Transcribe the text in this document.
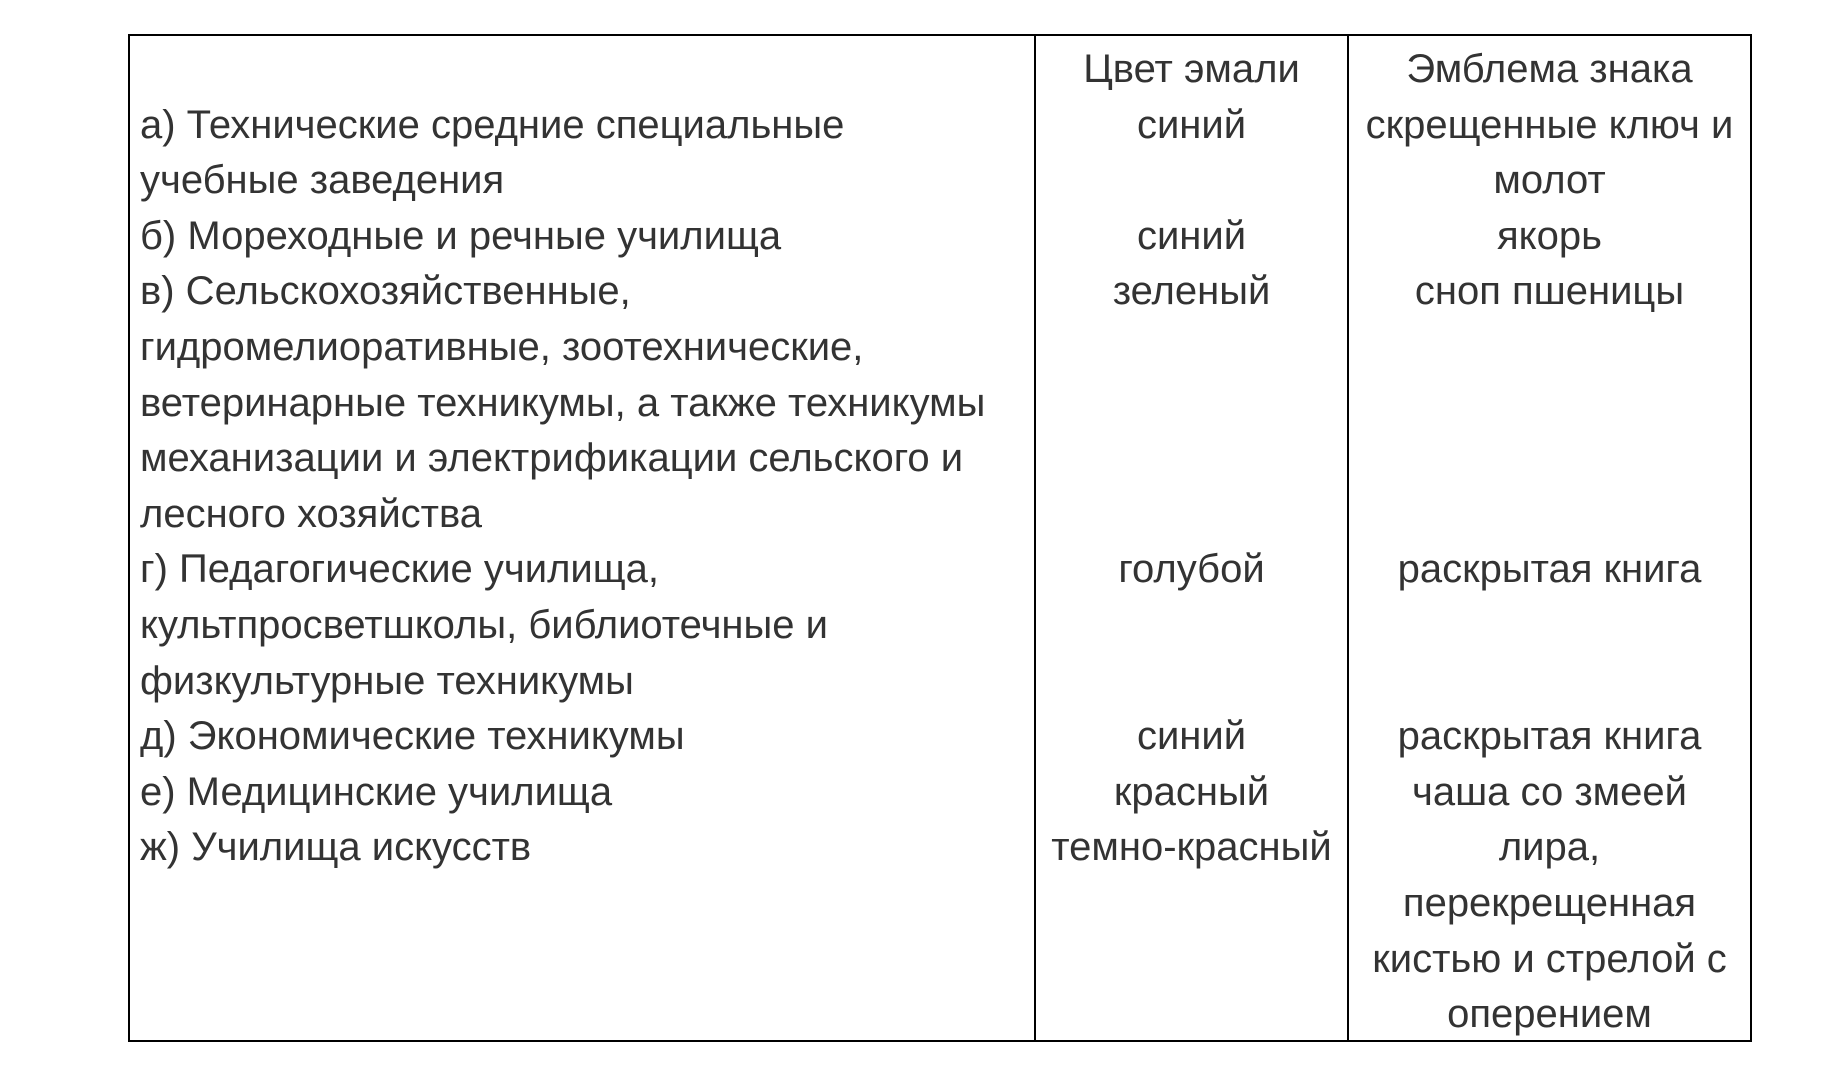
а) Технические средние специальные
учебные заведения
б) Мореходные и речные училища
в) Сельскохозяйственные,
гидромелиоративные, зоотехнические,
ветеринарные техникумы, а также техникумы
механизации и электрификации сельского и
лесного хозяйства
г) Педагогические училища,
культпросветшколы, библиотечные и
физкультурные техникумы
д) Экономические техникумы
е) Медицинские училища
ж) Училища искусств
Цвет эмали
синий
синий
зеленый
голубой
синий
красный
темно-красный
Эмблема знака
скрещенные ключ и
молот
якорь
сноп пшеницы
раскрытая книга
раскрытая книга
чаша со змеей
лира,
перекрещенная
кистью и стрелой с
оперением
